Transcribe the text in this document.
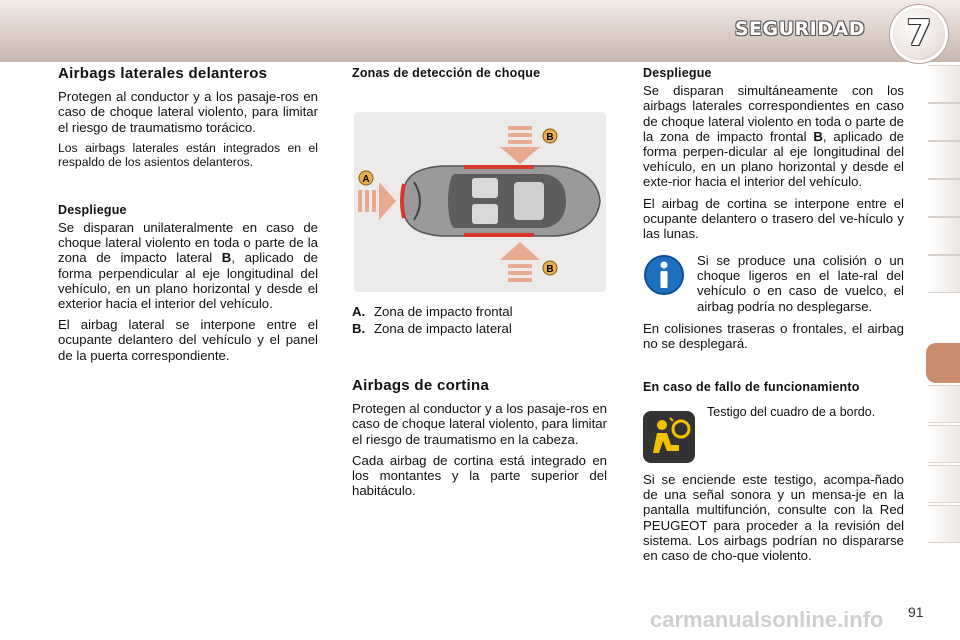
SEGURIDAD	7
Airbags laterales delanteros

Protegen al conductor y a los pasaje-ros en caso de choque lateral violento, para limitar el riesgo de traumatismo torácico.

Los airbags laterales están integrados en el respaldo de los asientos delanteros.

Despliegue

Se disparan unilateralmente en caso de choque lateral violento en toda o parte de la zona de impacto lateral B, aplicado de forma perpendicular al eje longitudinal del vehículo, en un plano horizontal y desde el exterior hacia el interior del vehículo.

El airbag lateral se interpone entre el ocupante delantero del vehículo y el panel de la puerta correspondiente.

Zonas de detección de choque
A
B
B
A. Zona de impacto frontal
B. Zona de impacto lateral
Airbags de cortina

Protegen al conductor y a los pasaje-ros en caso de choque lateral violento, para limitar el riesgo de traumatismo en la cabeza.

Cada airbag de cortina está integrado en los montantes y la parte superior del habitáculo.

Despliegue

Se disparan simultáneamente con los airbags laterales correspondientes en caso de choque lateral violento en toda o parte de la zona de impacto frontal B, aplicado de forma perpen-dicular al eje longitudinal del vehículo, en un plano horizontal y desde el exte-rior hacia el interior del vehículo.

El airbag de cortina se interpone entre el ocupante delantero o trasero del ve-hículo y las lunas.

Si se produce una colisión o un choque ligeros en el late-ral del vehículo o en caso de vuelco, el airbag podría no desplegarse.

En colisiones traseras o frontales, el airbag no se desplegará.

En caso de fallo de funcionamiento

Testigo del cuadro de a bordo.

Si se enciende este testigo, acompa-ñado de una señal sonora y un mensa-je en la pantalla multifunción, consulte con la Red PEUGEOT para proceder a la revisión del sistema. Los airbags podrían no dispararse en caso de cho-que violento.

carmanualsonline.info 91
